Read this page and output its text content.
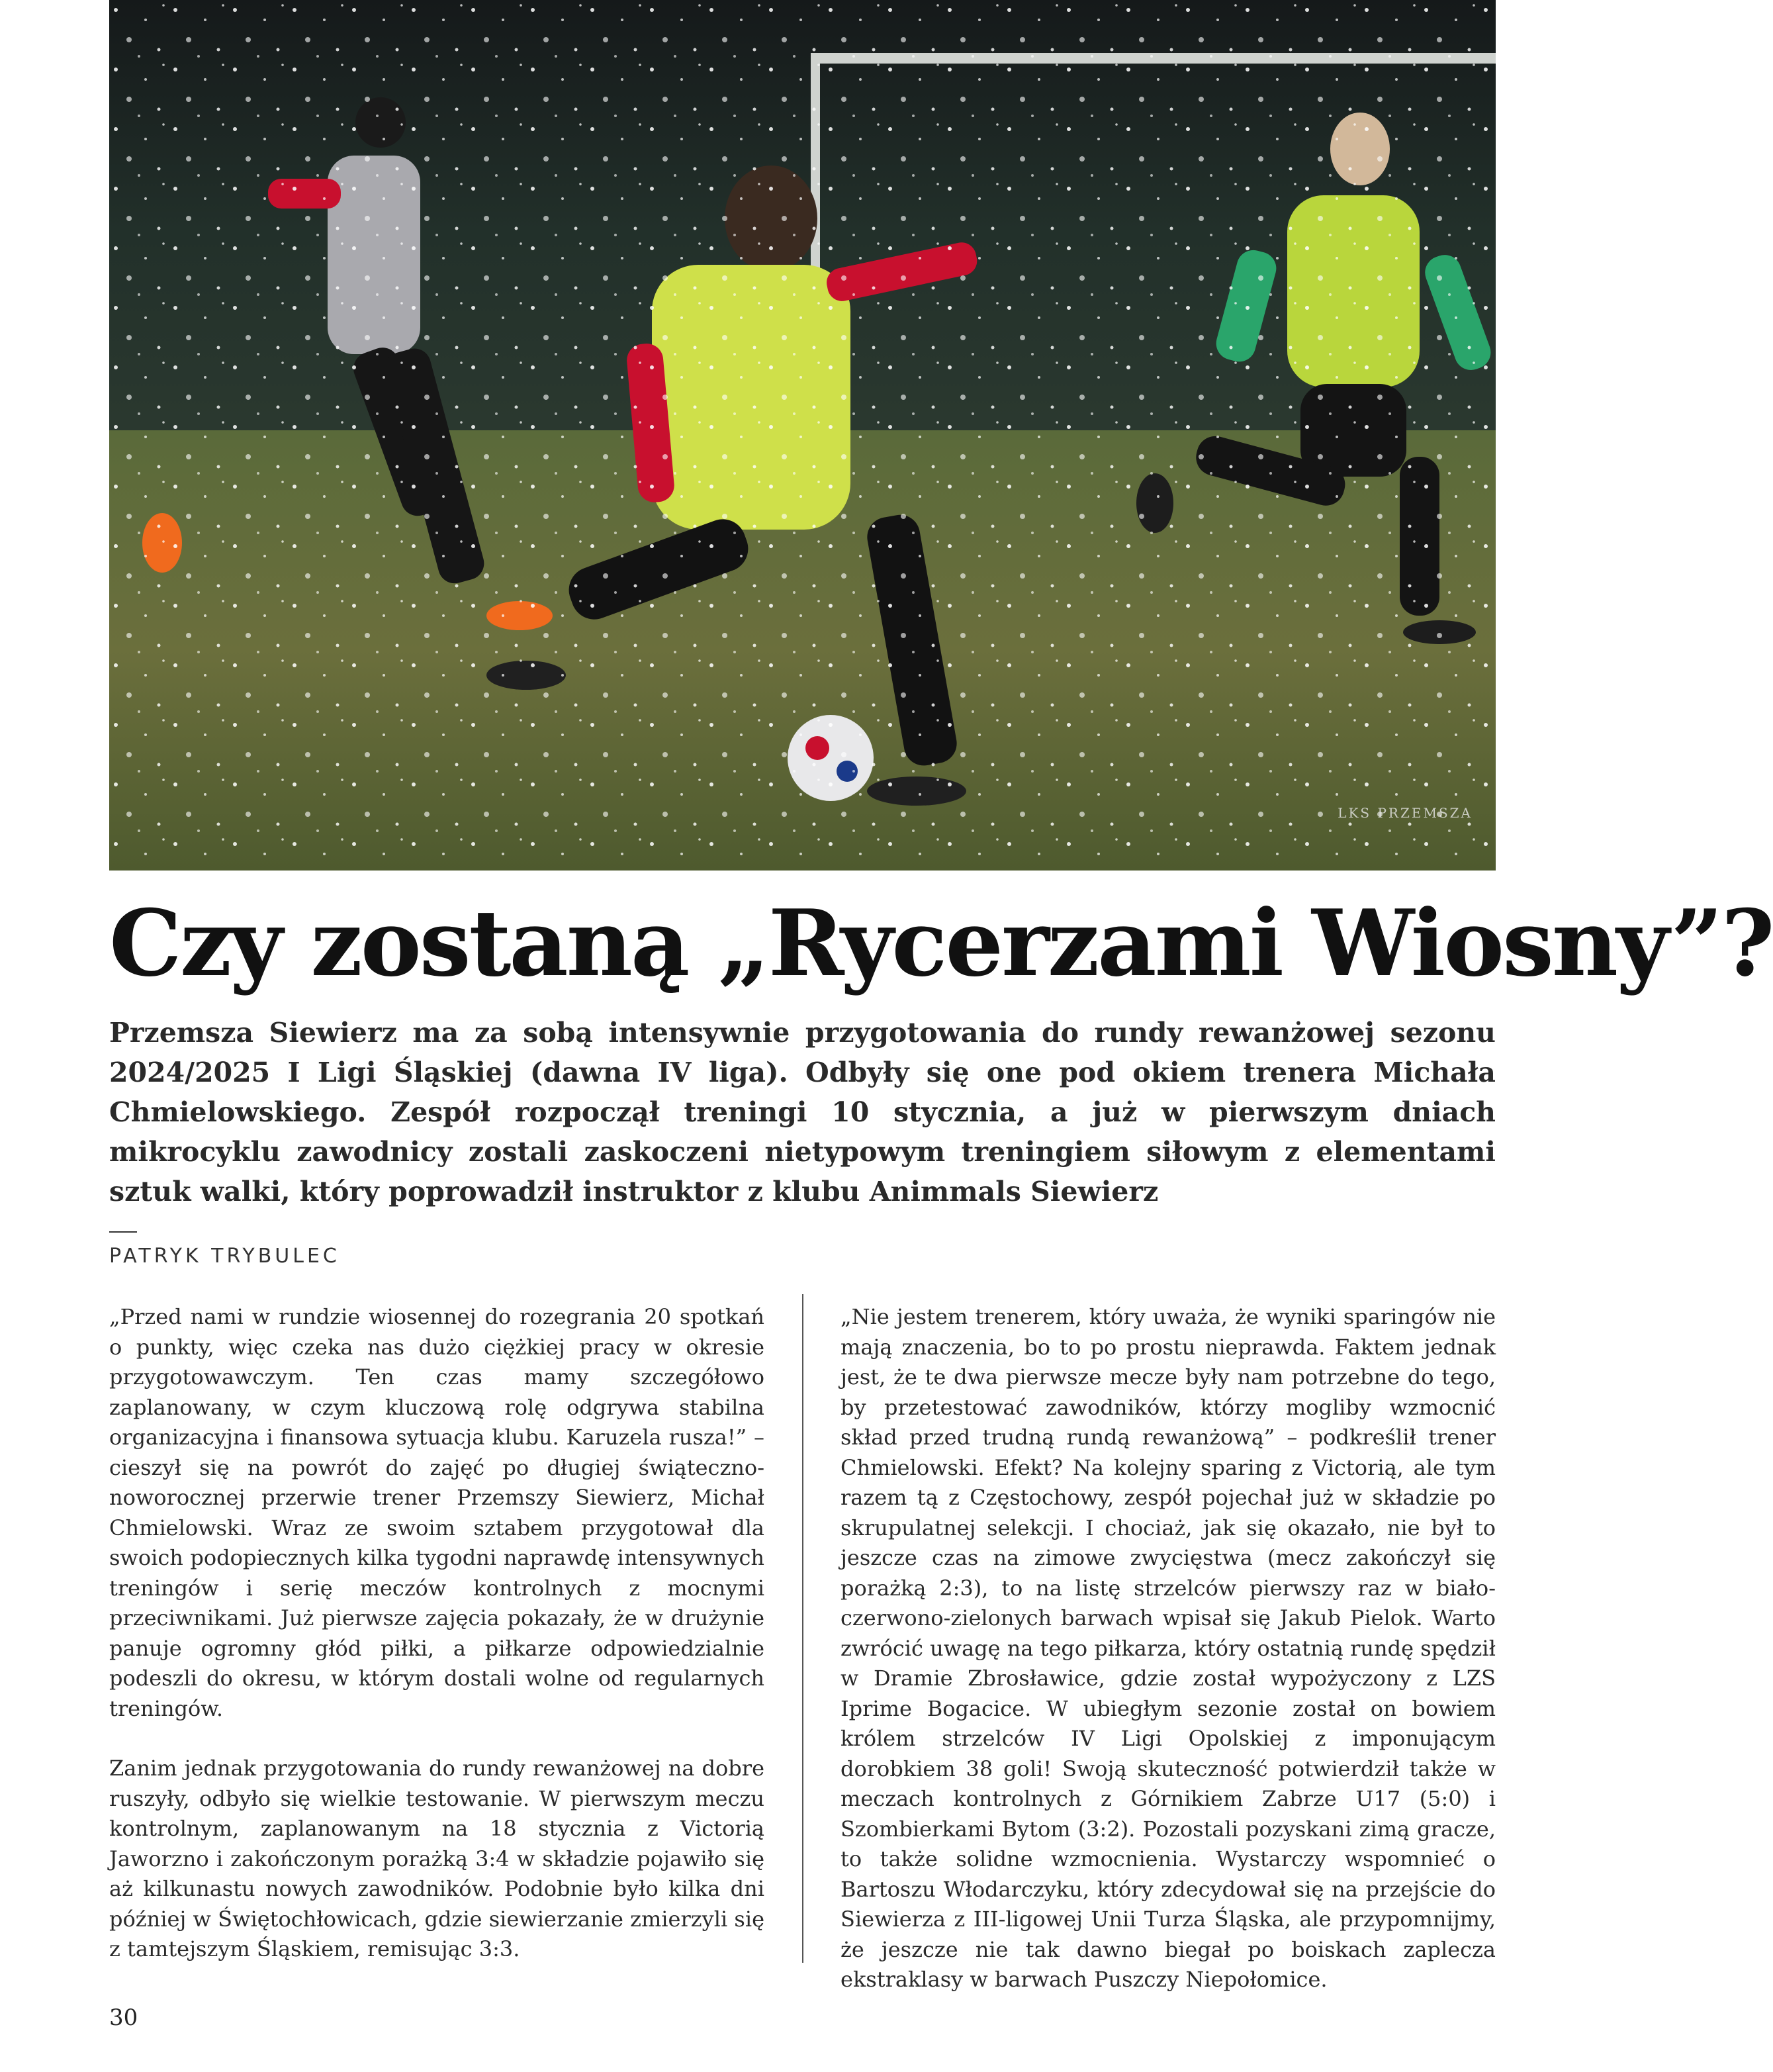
LKS PRZEMSZA
Czy zostaną „Rycerzami Wiosny”?

Przemsza Siewierz ma za sobą intensywnie przygotowania do rundy rewanżowej sezonu 2024/2025 I Ligi Śląskiej (dawna IV liga). Odbyły się one pod okiem trenera Michała Chmielowskiego. Zespół rozpoczął treningi 10 stycznia, a już w pierwszym dniach mikrocyklu zawodnicy zostali zaskoczeni nietypowym treningiem siłowym z elementami sztuk walki, który poprowadził instruktor z klubu Animmals Siewierz

PATRYK TRYBULEC

„Przed nami w rundzie wiosennej do rozegrania 20 spotkań o punkty, więc czeka nas dużo ciężkiej pracy w okresie przygotowawczym. Ten czas mamy szczegółowo zaplanowany, w czym kluczową rolę odgrywa stabilna organizacyjna i finansowa sytuacja klubu. Karuzela rusza!” – cieszył się na powrót do zajęć po długiej świąteczno-noworocznej przerwie trener Przemszy Siewierz, Michał Chmielowski. Wraz ze swoim sztabem przygotował dla swoich podopiecznych kilka tygodni naprawdę intensywnych treningów i serię meczów kontrolnych z mocnymi przeciwnikami. Już pierwsze zajęcia pokazały, że w drużynie panuje ogromny głód piłki, a piłkarze odpowiedzialnie podeszli do okresu, w którym dostali wolne od regularnych treningów.

Zanim jednak przygotowania do rundy rewanżowej na dobre ruszyły, odbyło się wielkie testowanie. W pierwszym meczu kontrolnym, zaplanowanym na 18 stycznia z Victorią Jaworzno i zakończonym porażką 3:4 w składzie pojawiło się aż kilkunastu nowych zawodników. Podobnie było kilka dni później w Świętochłowicach, gdzie siewierzanie zmierzyli się z tamtejszym Śląskiem, remisując 3:3.

„Nie jestem trenerem, który uważa, że wyniki sparingów nie mają znaczenia, bo to po prostu nieprawda. Faktem jednak jest, że te dwa pierwsze mecze były nam potrzebne do tego, by przetestować zawodników, którzy mogliby wzmocnić skład przed trudną rundą rewanżową” – podkreślił trener Chmielowski. Efekt? Na kolejny sparing z Victorią, ale tym razem tą z Częstochowy, zespół pojechał już w składzie po skrupulatnej selekcji. I chociaż, jak się okazało, nie był to jeszcze czas na zimowe zwycięstwa (mecz zakończył się porażką 2:3), to na listę strzelców pierwszy raz w biało-czerwono-zielonych barwach wpisał się Jakub Pielok. Warto zwrócić uwagę na tego piłkarza, który ostatnią rundę spędził w Dramie Zbrosławice, gdzie został wypożyczony z LZS Iprime Bogacice. W ubiegłym sezonie został on bowiem królem strzelców IV Ligi Opolskiej z imponującym dorobkiem 38 goli! Swoją skuteczność potwierdził także w meczach kontrolnych z Górnikiem Zabrze U17 (5:0) i Szombierkami Bytom (3:2). Pozostali pozyskani zimą gracze, to także solidne wzmocnienia. Wystarczy wspomnieć o Bartoszu Włodarczyku, który zdecydował się na przejście do Siewierza z III-ligowej Unii Turza Śląska, ale przypomnijmy, że jeszcze nie tak dawno biegał po boiskach zaplecza ekstraklasy w barwach Puszczy Niepołomice.

30
